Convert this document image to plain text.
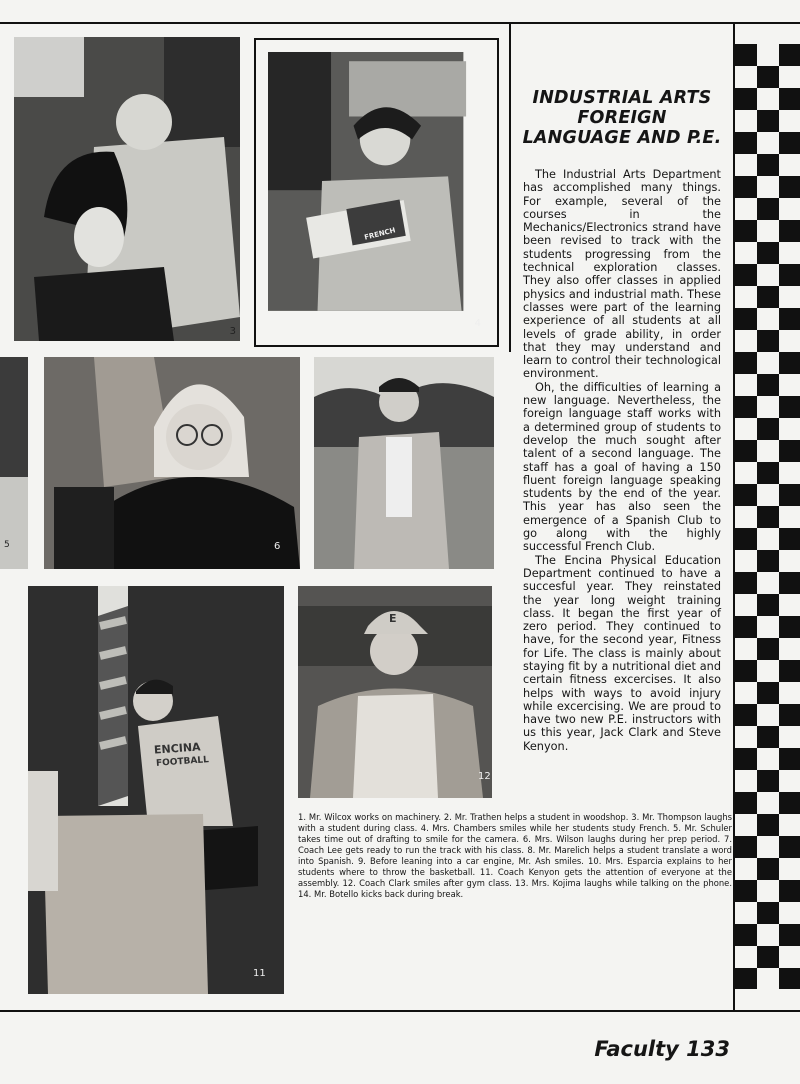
3
FRENCH
4
5	6
ENCINA
FOOTBALL
11
E
12
INDUSTRIAL ARTS FOREIGN LANGUAGE AND P.E.

The Industrial Arts Department has accomplished many things. For example, several of the courses in the Mechanics/Electronics strand have been revised to track with the students progressing from the technical exploration classes. They also offer classes in applied physics and industrial math. These classes were part of the learning experience of all students at all levels of grade ability, in order that they may understand and learn to control their technological environment.

Oh, the difficulties of learning a new language. Nevertheless, the foreign language staff works with a determined group of students to develop the much sought after talent of a second language. The staff has a goal of having a 150 fluent foreign language speaking students by the end of the year. This year has also seen the emergence of a Spanish Club to go along with the highly successful French Club.

The Encina Physical Education Department continued to have a succesful year. They reinstated the year long weight training class. It began the first year of zero period. They continued to have, for the second year, Fitness for Life. The class is mainly about staying fit by a nutritional diet and certain fitness excercises. It also helps with ways to avoid injury while excercising. We are proud to have two new P.E. instructors with us this year, Jack Clark and Steve Kenyon.

1. Mr. Wilcox works on machinery. 2. Mr. Trathen helps a student in woodshop. 3. Mr. Thompson laughs with a student during class. 4. Mrs. Chambers smiles while her students study French. 5. Mr. Schuler takes time out of drafting to smile for the camera. 6. Mrs. Wilson laughs during her prep period. 7. Coach Lee gets ready to run the track with his class. 8. Mr. Marelich helps a student translate a word into Spanish. 9. Before leaning into a car engine, Mr. Ash smiles. 10. Mrs. Esparcia explains to her students where to throw the basketball. 11. Coach Kenyon gets the attention of everyone at the assembly. 12. Coach Clark smiles after gym class. 13. Mrs. Kojima laughs while talking on the phone. 14. Mr. Botello kicks back during break.
Faculty 133
